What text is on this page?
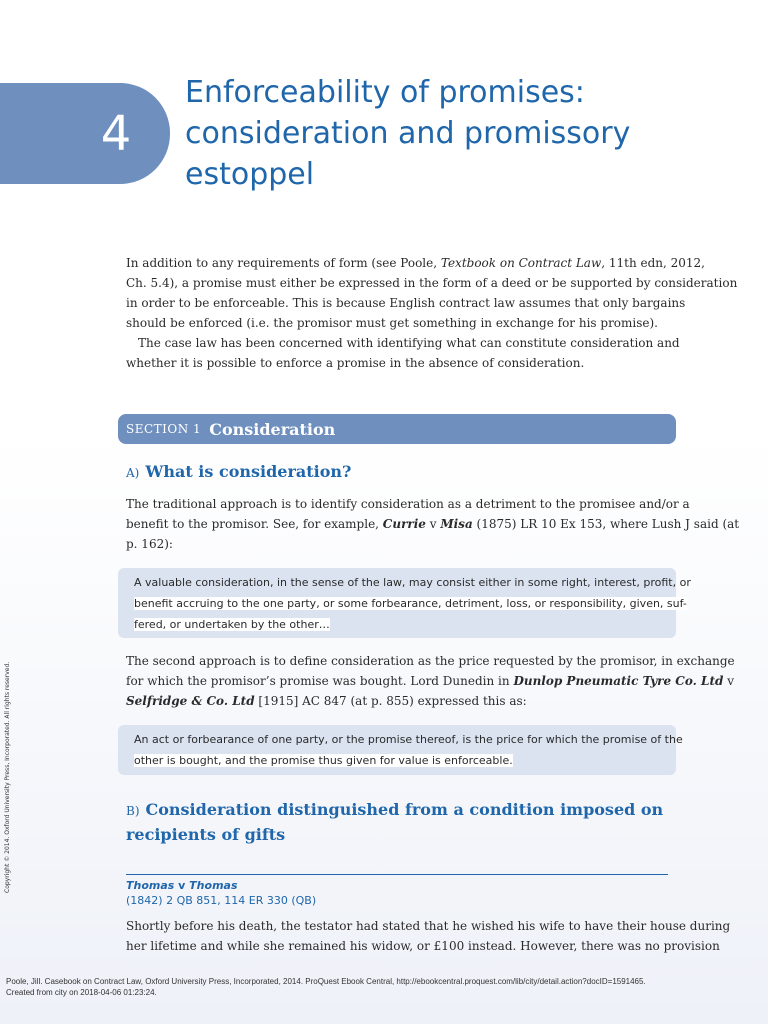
4
Enforceability of promises:
consideration and promissory
estoppel

In addition to any requirements of form (see Poole, Textbook on Contract Law, 11th edn, 2012,
Ch. 5.4), a promise must either be expressed in the form of a deed or be supported by consideration
in order to be enforceable. This is because English contract law assumes that only bargains
should be enforced (i.e. the promisor must get something in exchange for his promise).

The case law has been concerned with identifying what can constitute consideration and
whether it is possible to enforce a promise in the absence of consideration.

SECTION 1 Consideration
A) What is consideration?

The traditional approach is to identify consideration as a detriment to the promisee and/or a
benefit to the promisor. See, for example, Currie v Misa (1875) LR 10 Ex 153, where Lush J said (at
p. 162):

A valuable consideration, in the sense of the law, may consist either in some right, interest, profit, or
benefit accruing to the one party, or some forbearance, detriment, loss, or responsibility, given, suf-
fered, or undertaken by the other…

The second approach is to define consideration as the price requested by the promisor, in exchange
for which the promisor’s promise was bought. Lord Dunedin in Dunlop Pneumatic Tyre Co. Ltd v
Selfridge & Co. Ltd [1915] AC 847 (at p. 855) expressed this as:

An act or forbearance of one party, or the promise thereof, is the price for which the promise of the
other is bought, and the promise thus given for value is enforceable.

B) Consideration distinguished from a condition imposed on
recipients of gifts

Thomas v Thomas

(1842) 2 QB 851, 114 ER 330 (QB)

Shortly before his death, the testator had stated that he wished his wife to have their house during
her lifetime and while she remained his widow, or £100 instead. However, there was no provision

Copyright © 2014. Oxford University Press, Incorporated. All rights reserved.

Poole, Jill. Casebook on Contract Law, Oxford University Press, Incorporated, 2014. ProQuest Ebook Central, http://ebookcentral.proquest.com/lib/city/detail.action?docID=1591465.
Created from city on 2018-04-06 01:23:24.
